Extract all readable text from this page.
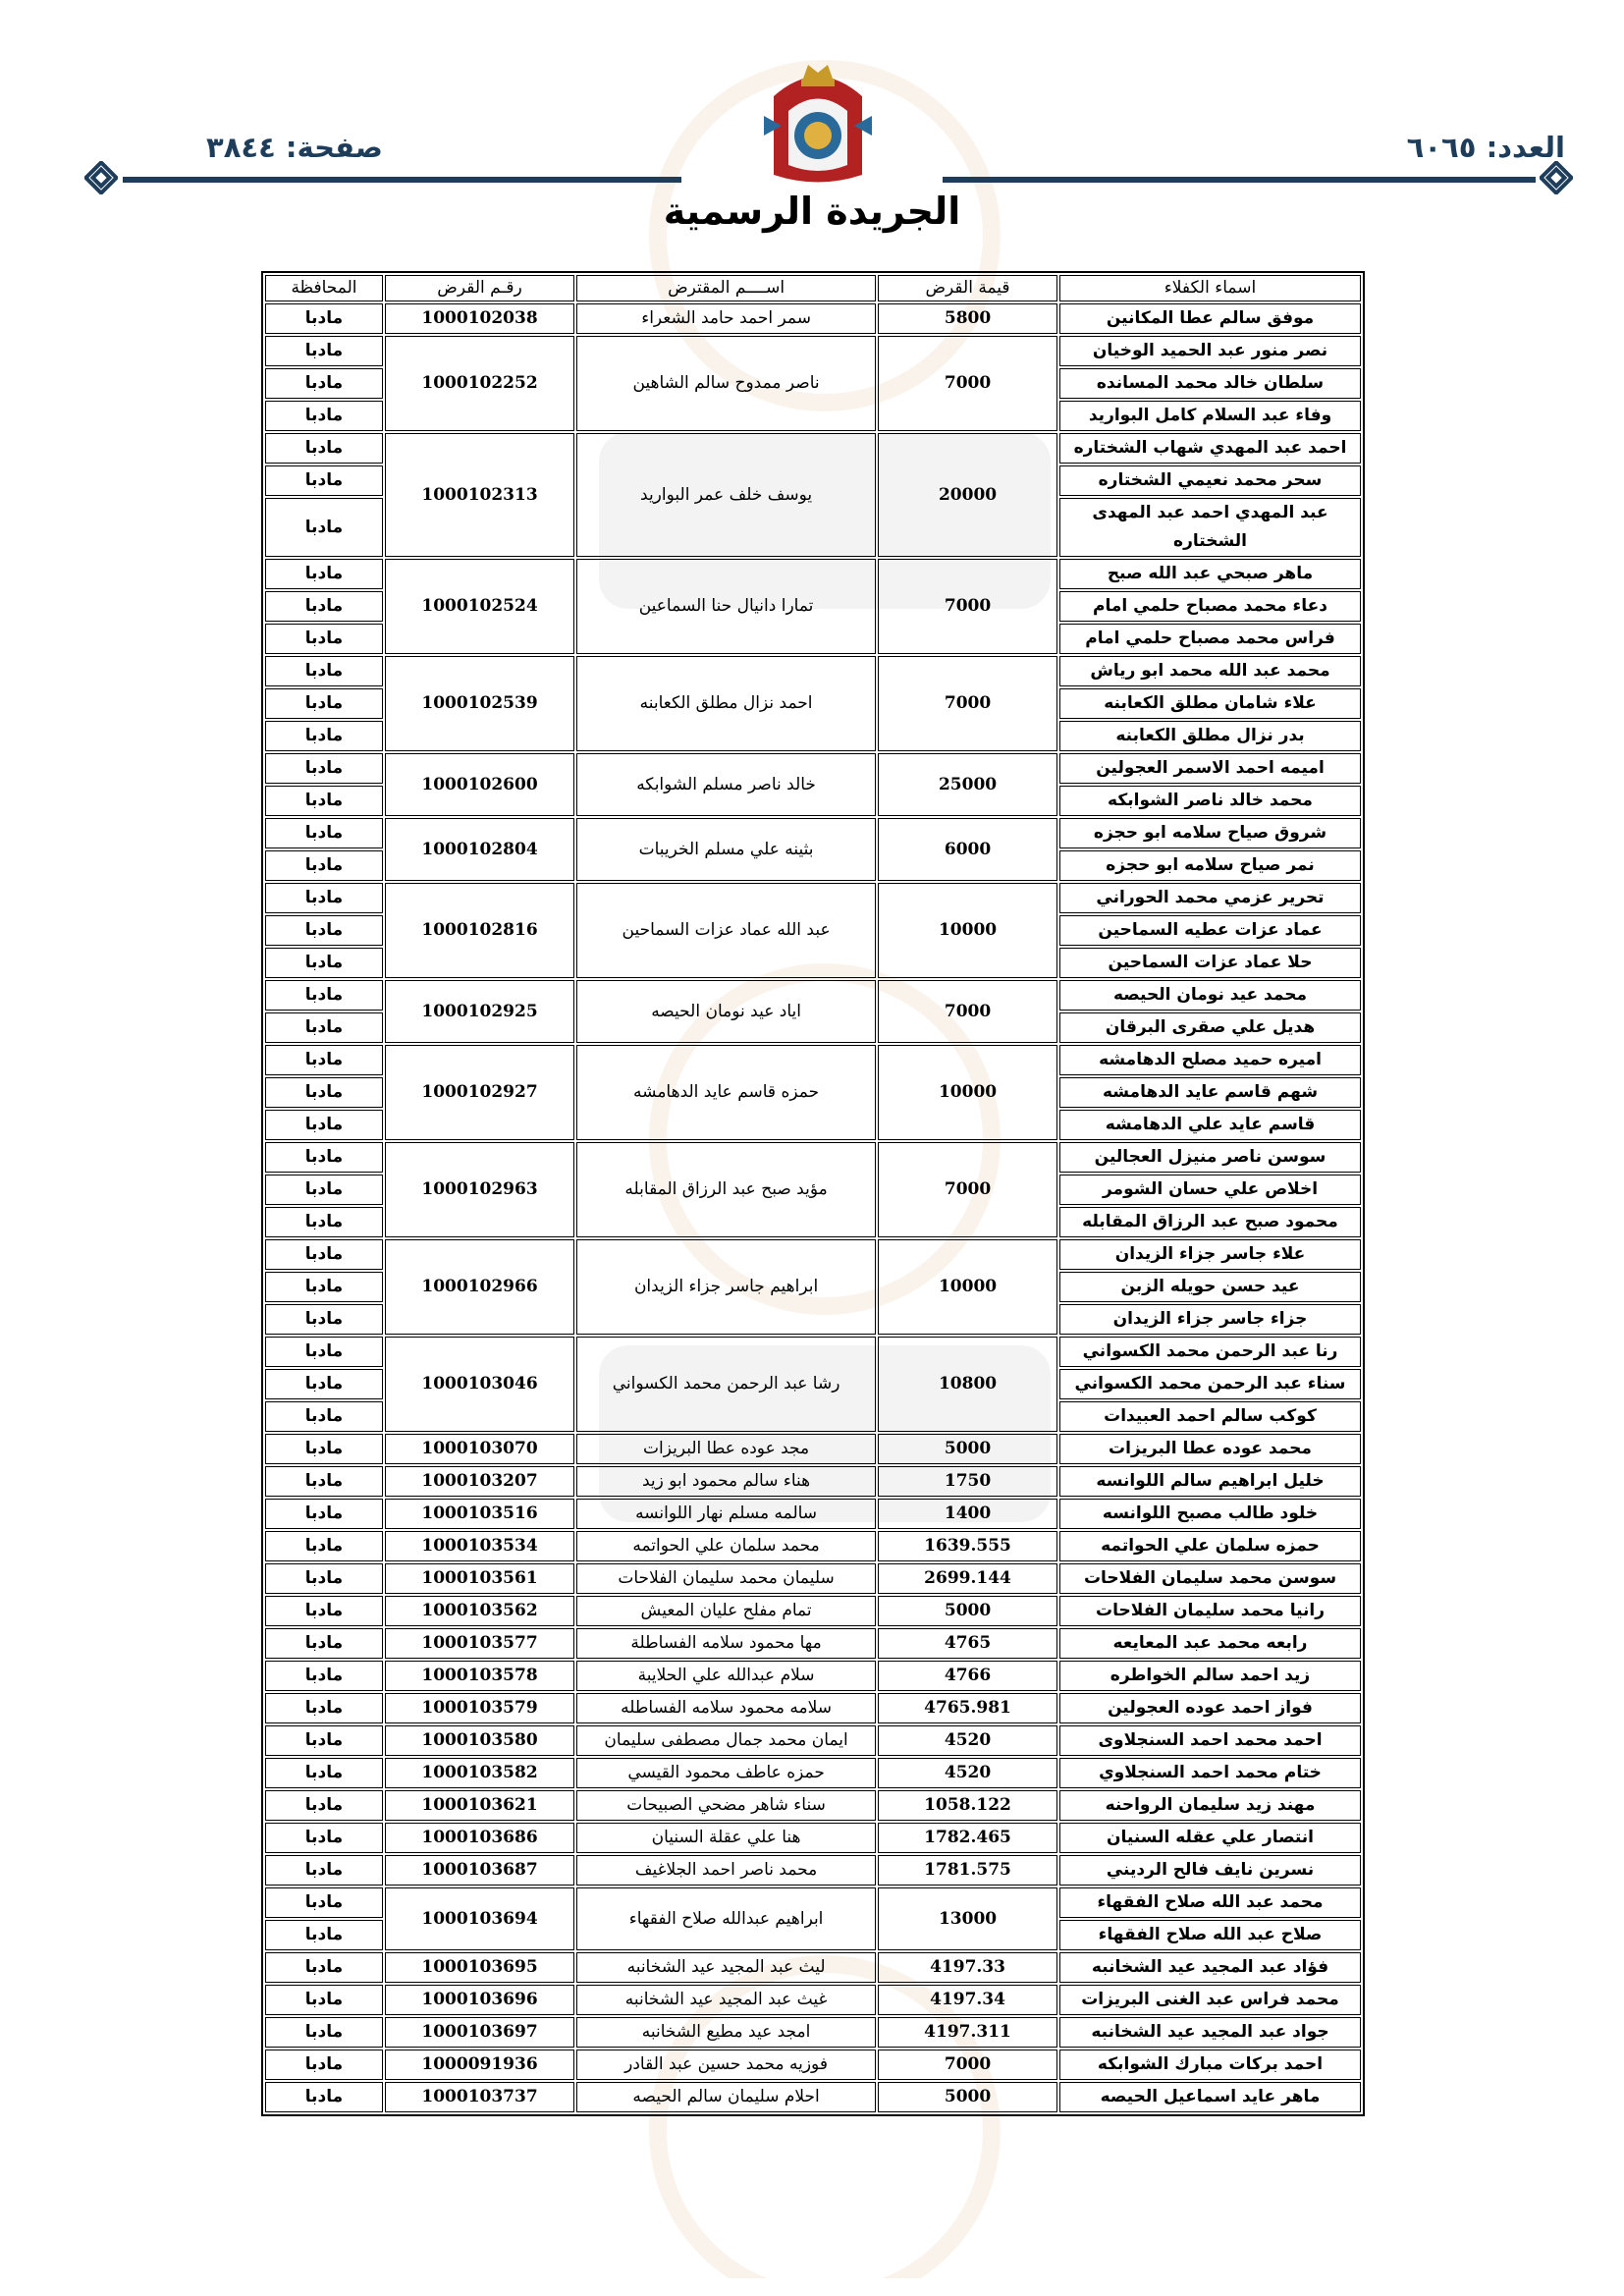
العدد: ٦٠٦٥
صفحة: ٣٨٤٤
الجريدة الرسمية
اسماء الكفلاء	قيمة القرض	اســــم المقترض	رقـم القرض	المحافظة
موفق سالم عطا المكانين	5800	سمر احمد حامد الشعراء	1000102038	مادبا
نصر منور عبد الحميد الوخيان	7000	ناصر ممدوح سالم الشاهين	1000102252	مادبا
سلطان خالد محمد المسانده				مادبا
وفاء عبد السلام كامل البواريد				مادبا
احمد عبد المهدي شهاب الشختاره	20000	يوسف خلف عمر البواريد	1000102313	مادبا
سحر محمد نعيمي الشختاره				مادبا
عبد المهدي احمد عبد المهدى الشختاره				مادبا
ماهر صبحي عبد الله صبح	7000	تمارا دانيال حنا السماعين	1000102524	مادبا
دعاء محمد مصباح حلمي امام				مادبا
فراس محمد مصباح حلمي امام				مادبا
محمد عبد الله محمد ابو رياش	7000	احمد نزال مطلق الكعابنه	1000102539	مادبا
علاء شامان مطلق الكعابنه				مادبا
بدر نزال مطلق الكعابنه				مادبا
اميمه احمد الاسمر العجولين	25000	خالد ناصر مسلم الشوابكه	1000102600	مادبا
محمد خالد ناصر الشوابكه				مادبا
شروق صياح سلامه ابو حجزه	6000	بثينه علي مسلم الخريبات	1000102804	مادبا
نمر صياح سلامه ابو حجزه				مادبا
تحرير عزمي محمد الحوراني	10000	عبد الله عماد عزات السماحين	1000102816	مادبا
عماد عزات عطيه السماحين				مادبا
حلا عماد عزات السماحين				مادبا
محمد عيد نومان الحيصه	7000	اياد عيد نومان الحيصه	1000102925	مادبا
هديل علي صقرى البرقان				مادبا
اميره حميد مصلح الدهامشه	10000	حمزه قاسم عايد الدهامشه	1000102927	مادبا
شهم قاسم عايد الدهامشه				مادبا
قاسم عايد علي الدهامشه				مادبا
سوسن ناصر منيزل العجالين	7000	مؤيد صبح عبد الرزاق المقابله	1000102963	مادبا
اخلاص علي حسان الشومر				مادبا
محمود صبح عبد الرزاق المقابله				مادبا
علاء جاسر جزاء الزيدان	10000	ابراهيم جاسر جزاء الزيدان	1000102966	مادبا
عيد حسن حويله الزبن				مادبا
جزاء جاسر جزاء الزيدان				مادبا
رنا عبد الرحمن محمد الكسواني	10800	رشا عبد الرحمن محمد الكسواني	1000103046	مادبا
سناء عبد الرحمن محمد الكسواني				مادبا
كوكب سالم احمد العبيدات				مادبا
محمد عوده عطا البريزات	5000	مجد عوده عطا البريزات	1000103070	مادبا
خليل ابراهيم سالم اللوانسه	1750	هناء سالم محمود ابو زيد	1000103207	مادبا
خلود طالب مصبح اللوانسه	1400	سالمه مسلم نهار اللوانسه	1000103516	مادبا
حمزه سلمان علي الحواتمه	1639.555	محمد سلمان علي الحواتمه	1000103534	مادبا
سوسن محمد سليمان الفلاحات	2699.144	سليمان محمد سليمان الفلاحات	1000103561	مادبا
رانيا محمد سليمان الفلاحات	5000	تمام مفلح عليان المعيش	1000103562	مادبا
رابعه محمد عبد المعايعه	4765	مها محمود سلامه الفساطلة	1000103577	مادبا
زيد احمد سالم الخواطره	4766	سلام عبدالله علي الحلايبة	1000103578	مادبا
فواز احمد عوده العجولين	4765.981	سلامه محمود سلامه الفساطله	1000103579	مادبا
احمد محمد احمد السنجلاوى	4520	ايمان محمد جمال مصطفى سليمان	1000103580	مادبا
ختام محمد احمد السنجلاوي	4520	حمزه عاطف محمود القيسي	1000103582	مادبا
مهند زيد سليمان الرواحنه	1058.122	سناء شاهر مضحي الصبيحات	1000103621	مادبا
انتصار علي عقله السنيان	1782.465	هنا علي عقلة السنيان	1000103686	مادبا
نسرين نايف فالح الرديني	1781.575	محمد ناصر احمد الجلاغيف	1000103687	مادبا
محمد عبد الله صلاح الفقهاء	13000	ابراهيم عبدالله صلاح الفقهاء	1000103694	مادبا
صلاح عبد الله صلاح الفقهاء				مادبا
فؤاد عبد المجيد عيد الشخانبه	4197.33	ليث عبد المجيد عيد الشخانبه	1000103695	مادبا
محمد فراس عبد الغنى البريزات	4197.34	غيث عبد المجيد عيد الشخانبه	1000103696	مادبا
جواد عبد المجيد عيد الشخانبه	4197.311	امجد عيد مطيع الشخانبه	1000103697	مادبا
احمد بركات مبارك الشوابكه	7000	فوزيه محمد حسين عبد القادر	1000091936	مادبا
ماهر عايد اسماعيل الحيصه	5000	احلام سليمان سالم الحيصه	1000103737	مادبا
